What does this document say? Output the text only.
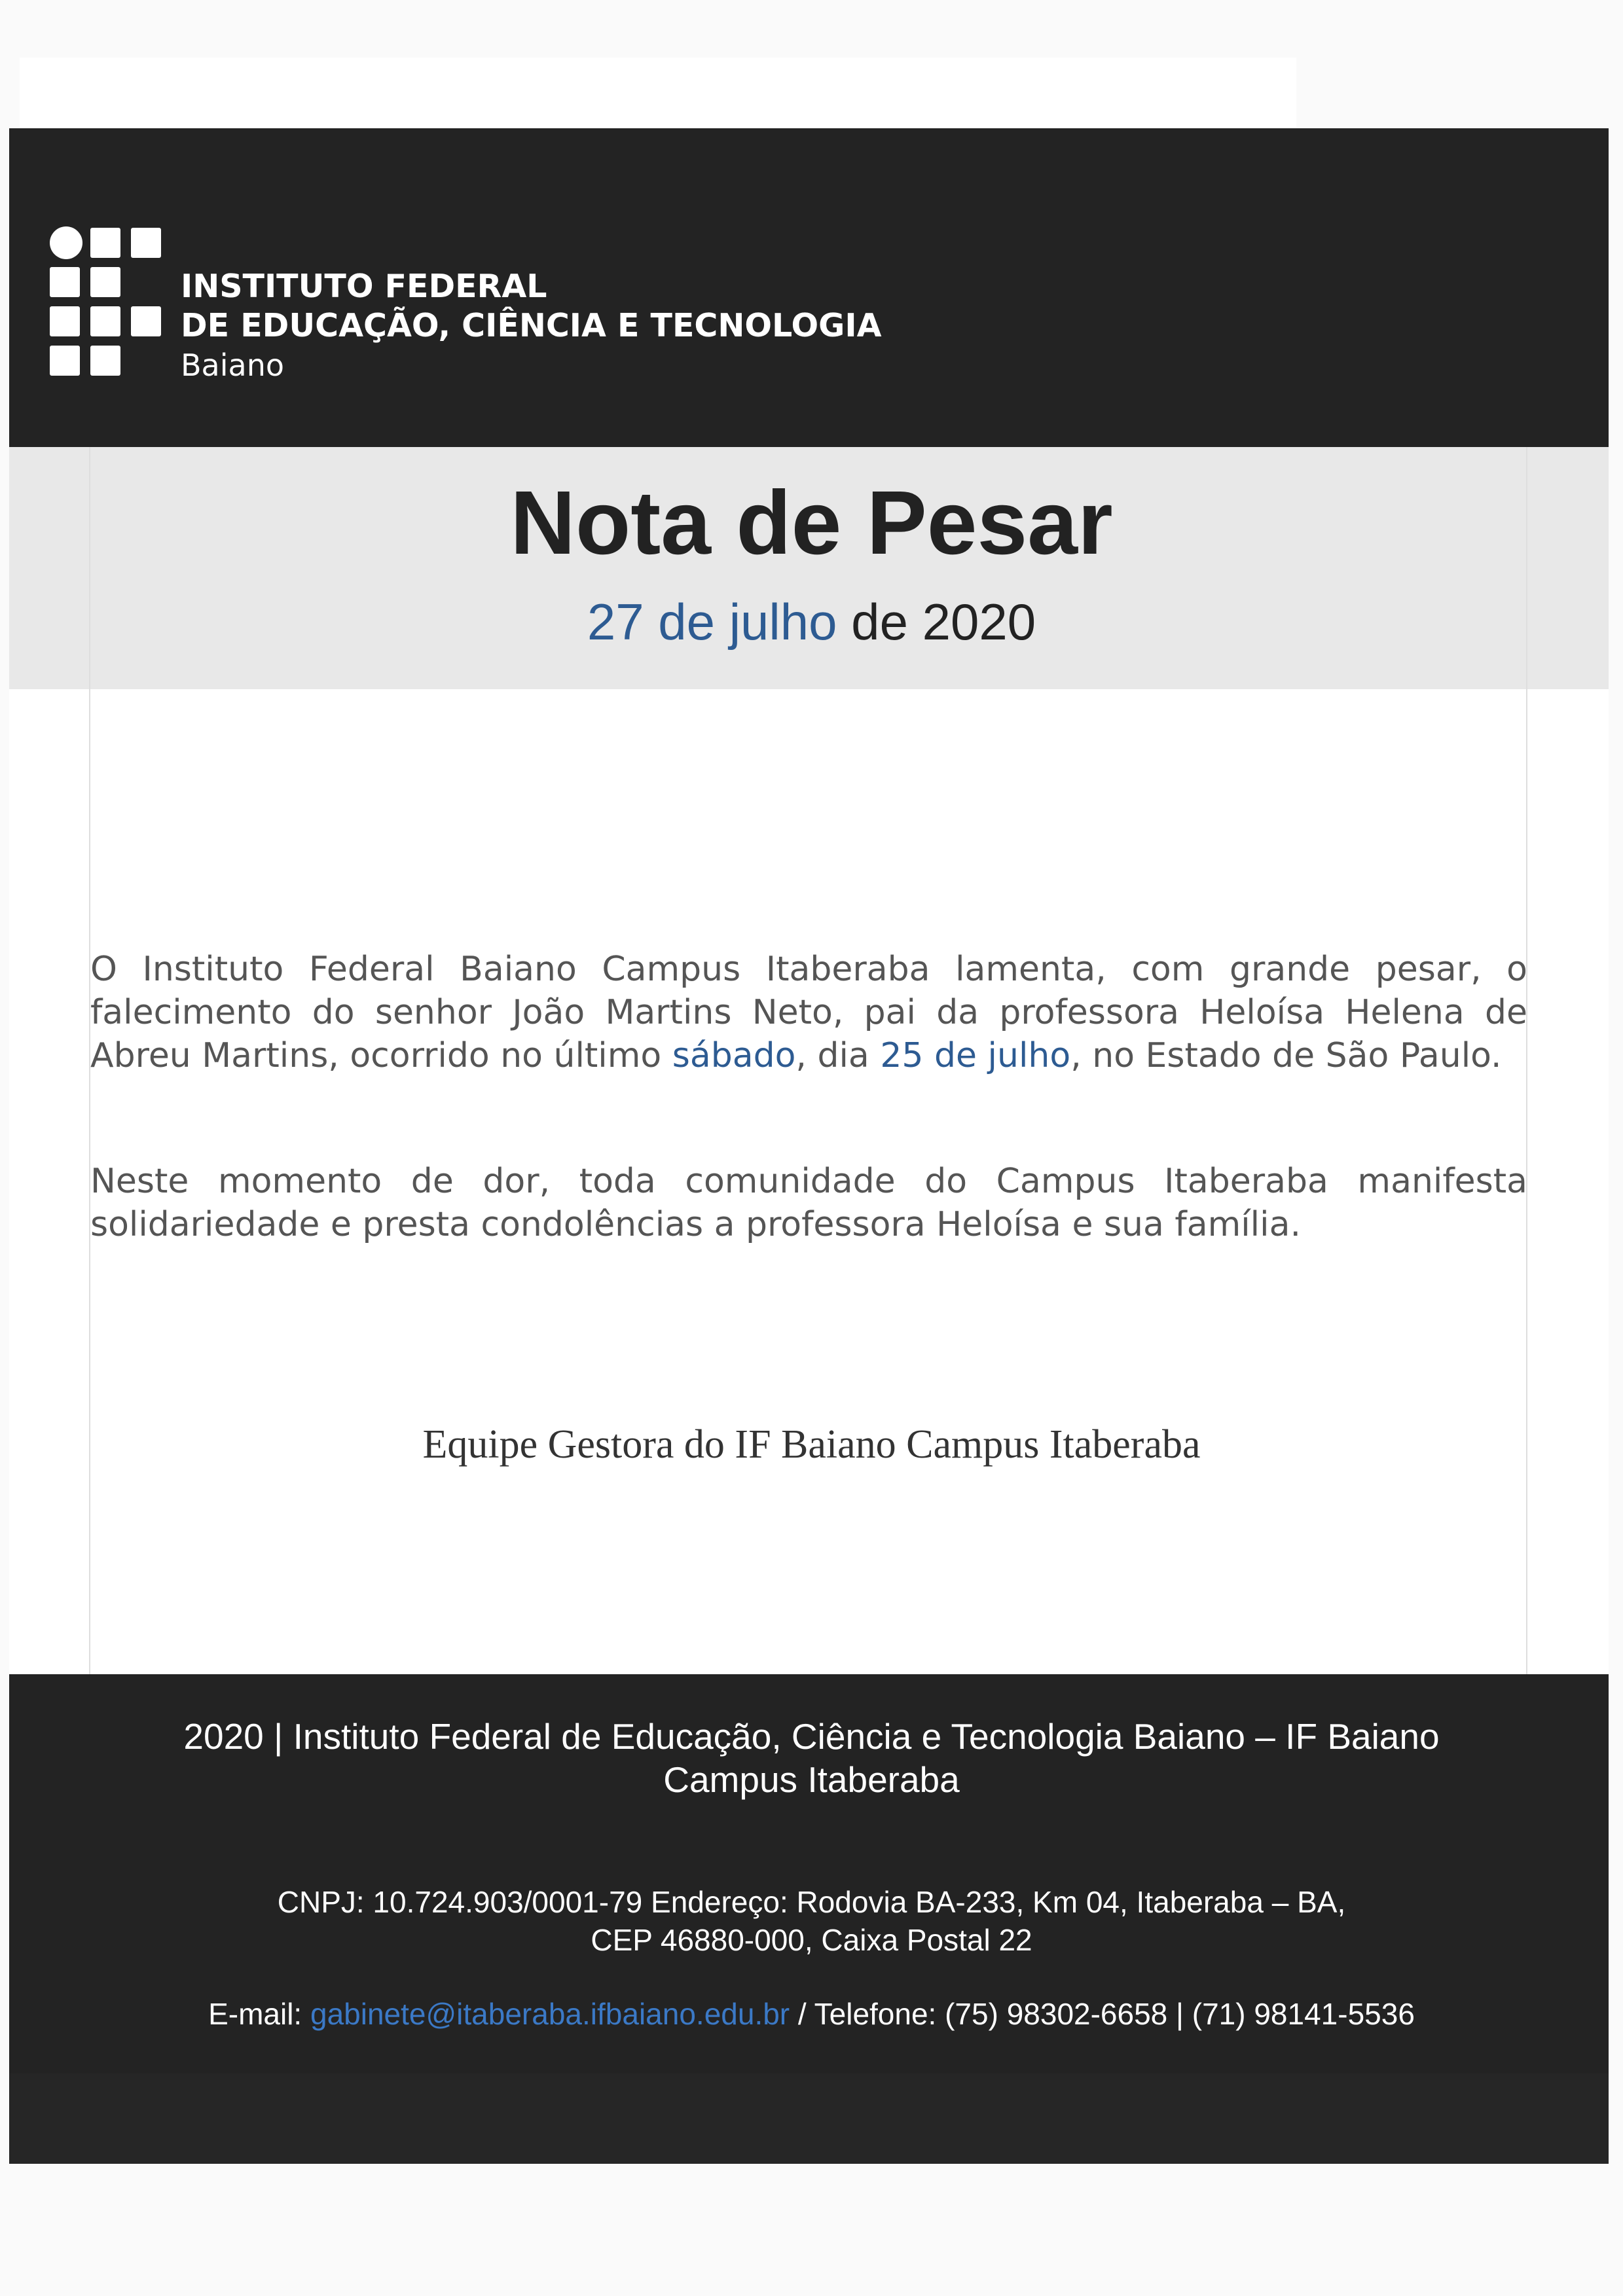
INSTITUTO FEDERAL
DE EDUCAÇÃO, CIÊNCIA E TECNOLOGIA
Baiano
Nota de Pesar
27 de julho de 2020
O Instituto Federal Baiano Campus Itaberaba lamenta, com grande pesar, o falecimento do senhor João Martins Neto, pai da professora Heloísa Helena de Abreu Martins, ocorrido no último sábado, dia 25 de julho, no Estado de São Paulo.
Neste momento de dor, toda comunidade do Campus Itaberaba manifesta solidariedade e presta condolências a professora Heloísa e sua família.
Equipe Gestora do IF Baiano Campus Itaberaba
2020 | Instituto Federal de Educação, Ciência e Tecnologia Baiano – IF Baiano
Campus Itaberaba
CNPJ: 10.724.903/0001-79 Endereço: Rodovia BA-233, Km 04, Itaberaba – BA,
CEP 46880-000, Caixa Postal 22
E-mail: gabinete@itaberaba.ifbaiano.edu.br / Telefone: (75) 98302-6658 | (71) 98141-5536
